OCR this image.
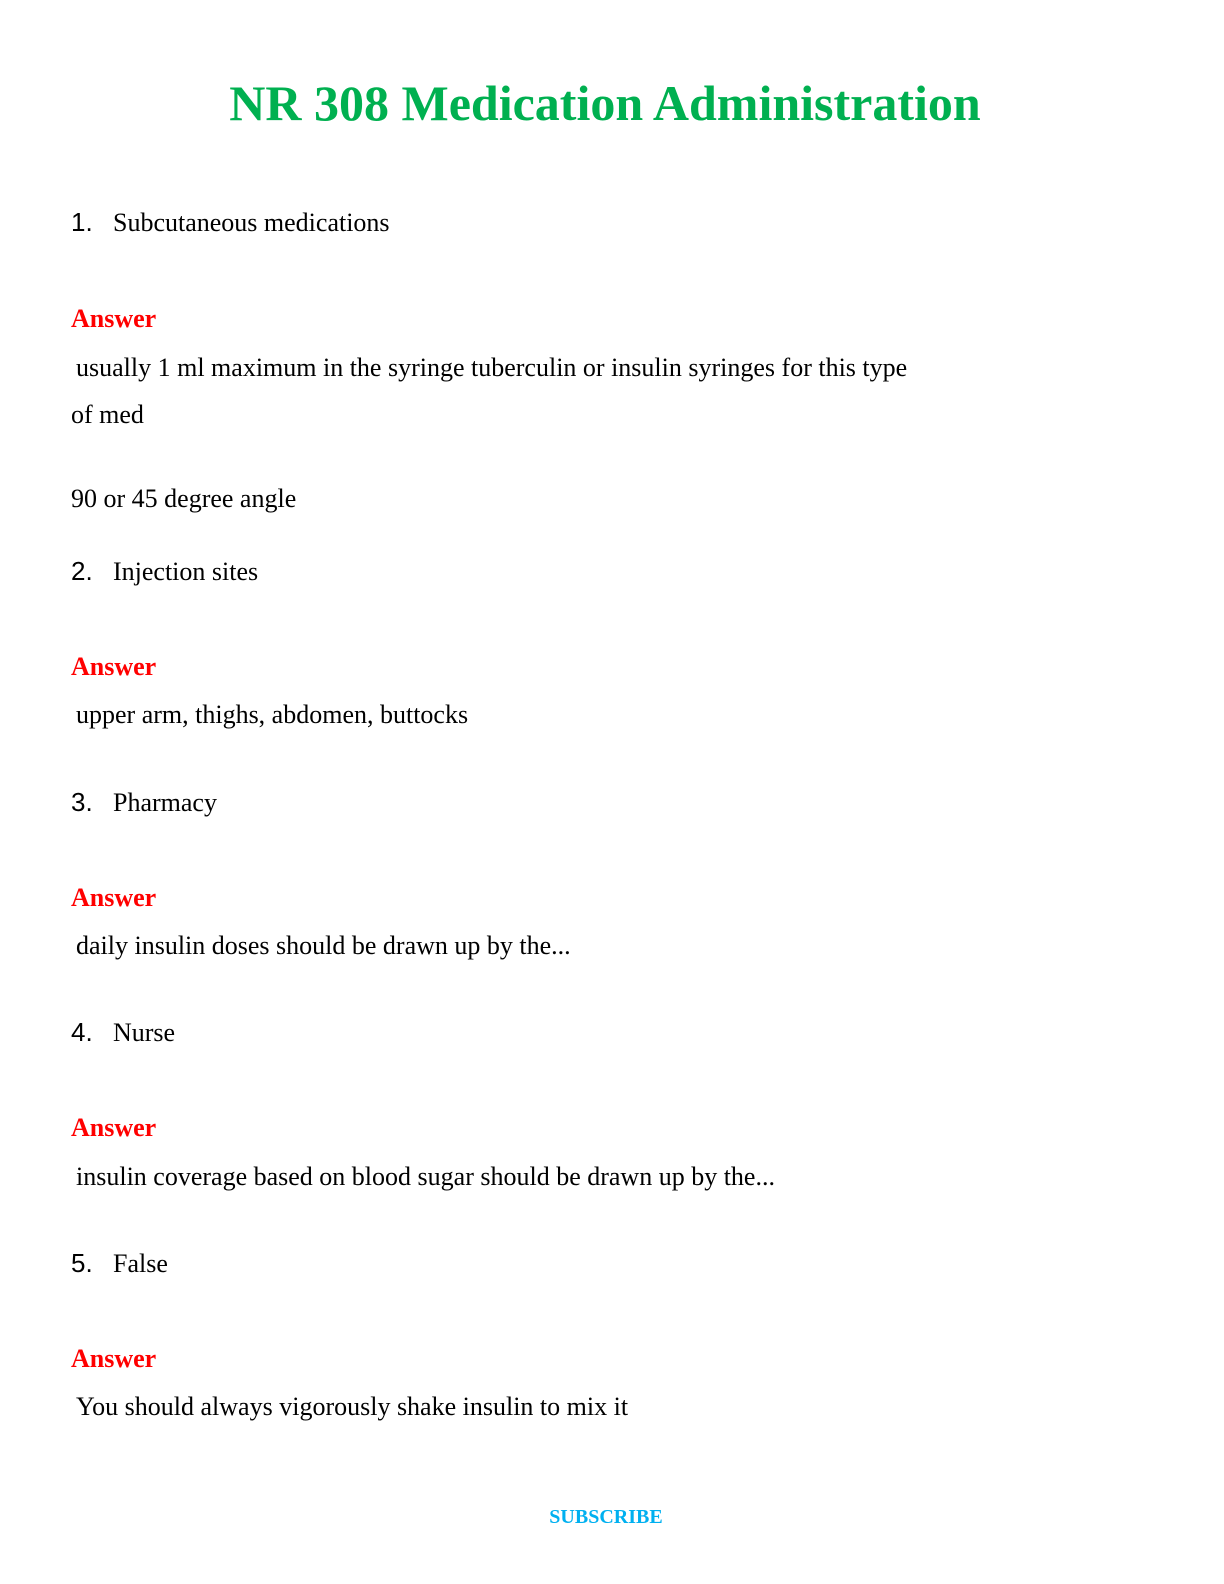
NR 308 Medication Administration
1. Subcutaneous medications
Answer
usually 1 ml maximum in the syringe tuberculin or insulin syringes for this type of med
90 or 45 degree angle
2. Injection sites
Answer
upper arm, thighs, abdomen, buttocks
3. Pharmacy
Answer
daily insulin doses should be drawn up by the...
4. Nurse
Answer
insulin coverage based on blood sugar should be drawn up by the...
5. False
Answer
You should always vigorously shake insulin to mix it
SUBSCRIBE
